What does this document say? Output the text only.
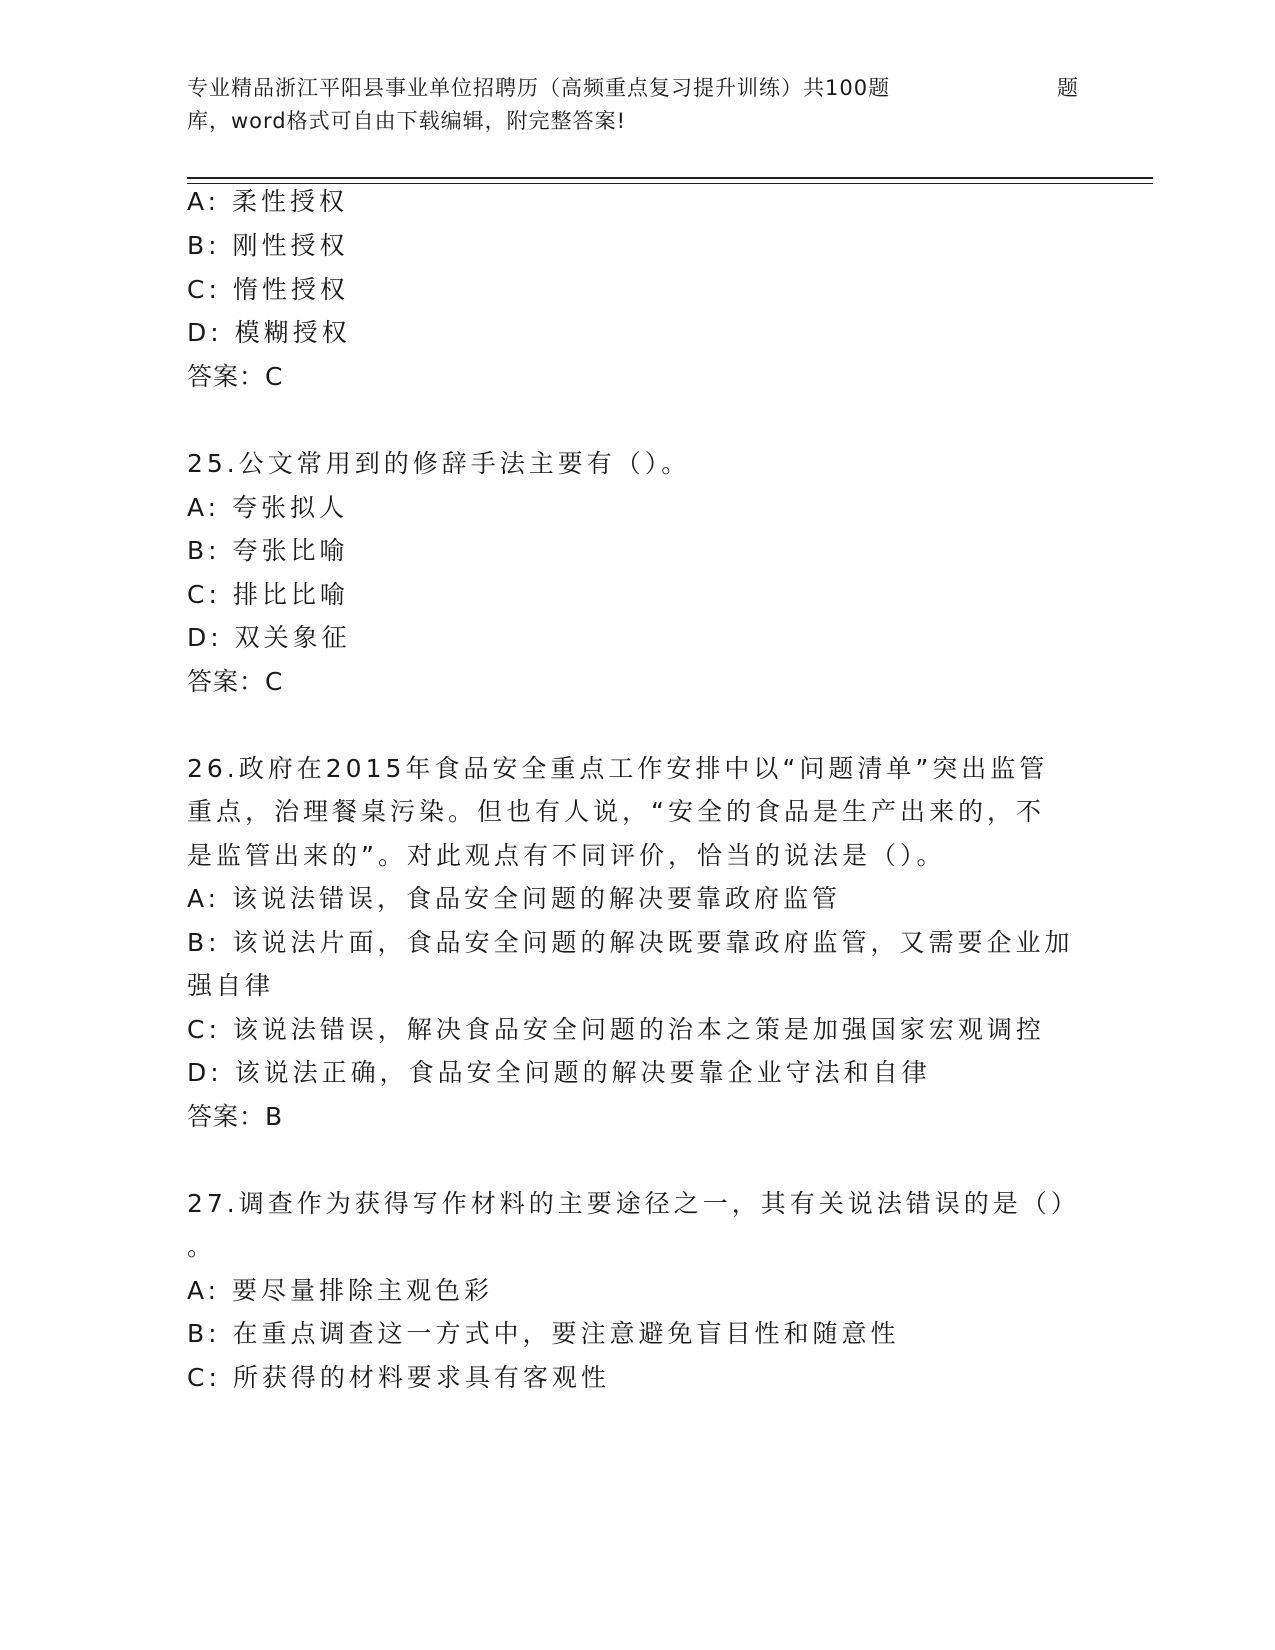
专业精品浙江平阳县事业单位招聘历（高频重点复习提升训练）共100题	题
库，word格式可自由下载编辑，附完整答案!
A: 柔性授权
B: 刚性授权
C: 惰性授权
D: 模糊授权
答案：C
25.公文常用到的修辞手法主要有（）。
A: 夸张拟人
B: 夸张比喻
C: 排比比喻
D: 双关象征
答案：C
26.政府在2015年食品安全重点工作安排中以“问题清单”突出监管
重点，治理餐桌污染。但也有人说，“安全的食品是生产出来的，不
是监管出来的”。对此观点有不同评价，恰当的说法是（）。
A: 该说法错误，食品安全问题的解决要靠政府监管
B: 该说法片面，食品安全问题的解决既要靠政府监管，又需要企业加
强自律
C: 该说法错误，解决食品安全问题的治本之策是加强国家宏观调控
D: 该说法正确，食品安全问题的解决要靠企业守法和自律
答案：B
27.调查作为获得写作材料的主要途径之一，其有关说法错误的是（）
。
A: 要尽量排除主观色彩
B: 在重点调查这一方式中，要注意避免盲目性和随意性
C: 所获得的材料要求具有客观性
